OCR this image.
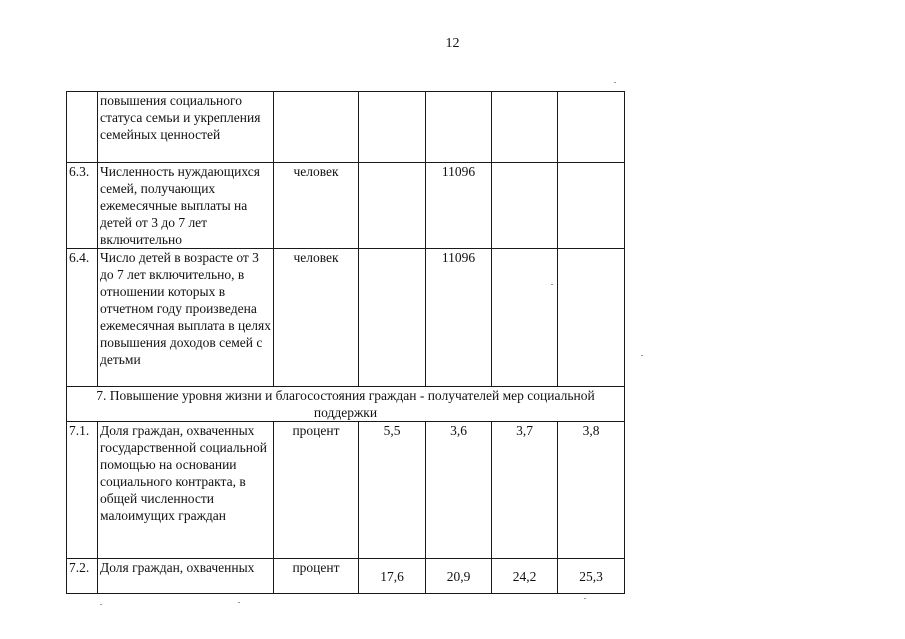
12
	повышения социального статуса семьи и укрепления семейных ценностей					
6.3.	Численность нуждающихся семей, получающих ежемесячные выплаты на детей от 3 до 7 лет включительно	человек		11096		
6.4.	Число детей в возрасте от 3 до 7 лет включительно, в отношении которых в отчетном году произведена ежемесячная выплата в целях повышения доходов семей с детьми	человек		11096		
7. Повышение уровня жизни и благосостояния граждан - получателей мер социальной поддержки						
7.1.	Доля граждан, охваченных государственной социальной помощью на основании социального контракта, в общей численности малоимущих граждан	процент	5,5	3,6	3,7	3,8
7.2.	Доля граждан, охваченных	процент	17,6	20,9	24,2	25,3
